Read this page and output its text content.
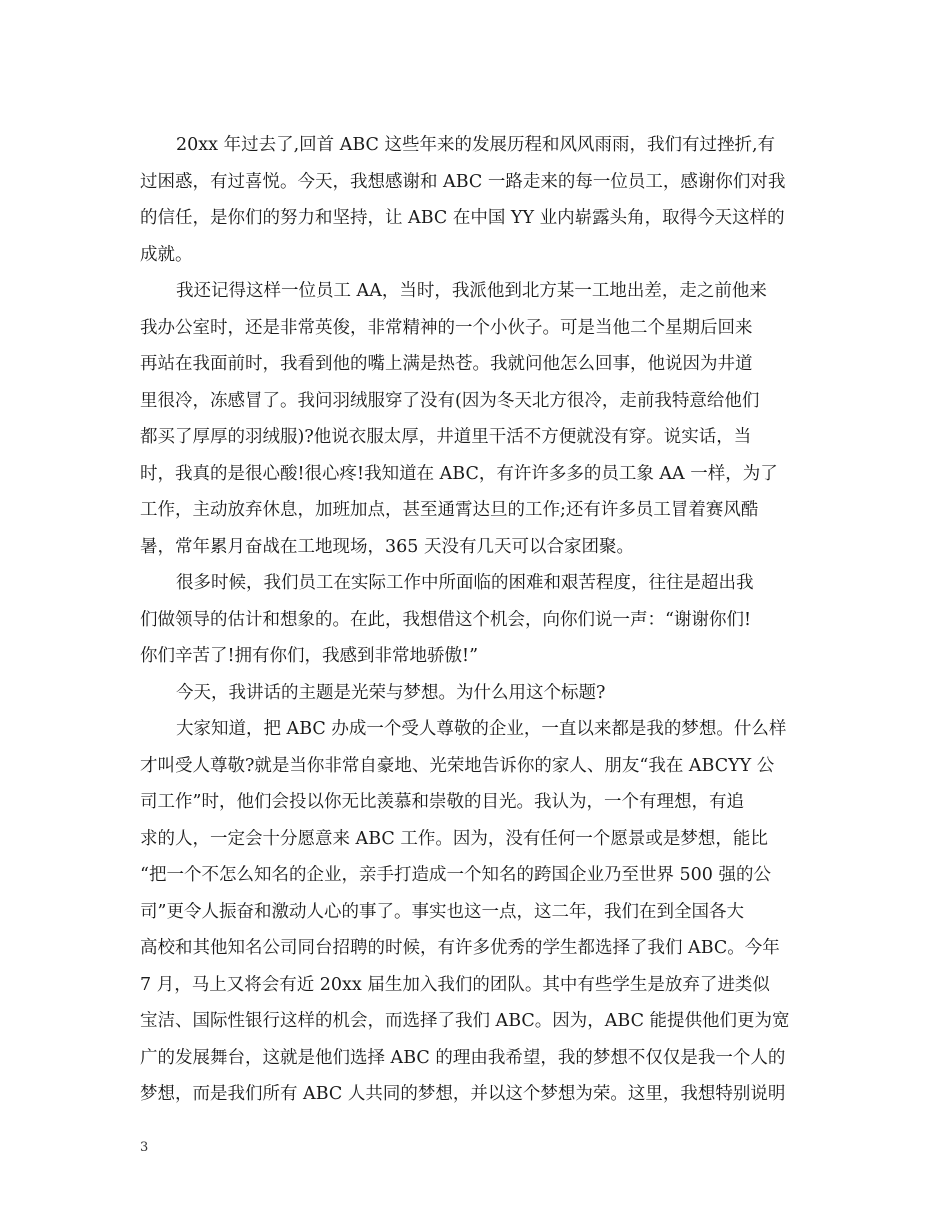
20xx 年过去了,回首 ABC 这些年来的发展历程和风风雨雨，我们有过挫折,有
过困惑，有过喜悦。今天，我想感谢和 ABC 一路走来的每一位员工，感谢你们对我
的信任，是你们的努力和坚持，让 ABC 在中国 YY 业内崭露头角，取得今天这样的
成就。
我还记得这样一位员工 AA，当时，我派他到北方某一工地出差，走之前他来
我办公室时，还是非常英俊，非常精神的一个小伙子。可是当他二个星期后回来
再站在我面前时，我看到他的嘴上满是热苍。我就问他怎么回事，他说因为井道
里很冷，冻感冒了。我问羽绒服穿了没有(因为冬天北方很冷，走前我特意给他们
都买了厚厚的羽绒服)?他说衣服太厚，井道里干活不方便就没有穿。说实话，当
时，我真的是很心酸!很心疼!我知道在 ABC，有许许多多的员工象 AA 一样，为了
工作，主动放弃休息，加班加点，甚至通霄达旦的工作;还有许多员工冒着赛风酷
暑，常年累月奋战在工地现场，365 天没有几天可以合家团聚。
很多时候，我们员工在实际工作中所面临的困难和艰苦程度，往往是超出我
们做领导的估计和想象的。在此，我想借这个机会，向你们说一声：“谢谢你们!
你们辛苦了!拥有你们，我感到非常地骄傲!”
今天，我讲话的主题是光荣与梦想。为什么用这个标题?
大家知道，把 ABC 办成一个受人尊敬的企业，一直以来都是我的梦想。什么样
才叫受人尊敬?就是当你非常自豪地、光荣地告诉你的家人、朋友“我在 ABCYY 公
司工作”时，他们会投以你无比羡慕和崇敬的目光。我认为，一个有理想，有追
求的人，一定会十分愿意来 ABC 工作。因为，没有任何一个愿景或是梦想，能比
“把一个不怎么知名的企业，亲手打造成一个知名的跨国企业乃至世界 500 强的公
司”更令人振奋和激动人心的事了。事实也这一点，这二年，我们在到全国各大
高校和其他知名公司同台招聘的时候，有许多优秀的学生都选择了我们 ABC。今年
7 月，马上又将会有近 20xx 届生加入我们的团队。其中有些学生是放弃了进类似
宝洁、国际性银行这样的机会，而选择了我们 ABC。因为，ABC 能提供他们更为宽
广的发展舞台，这就是他们选择 ABC 的理由我希望，我的梦想不仅仅是我一个人的
梦想，而是我们所有 ABC 人共同的梦想，并以这个梦想为荣。这里，我想特别说明
3
